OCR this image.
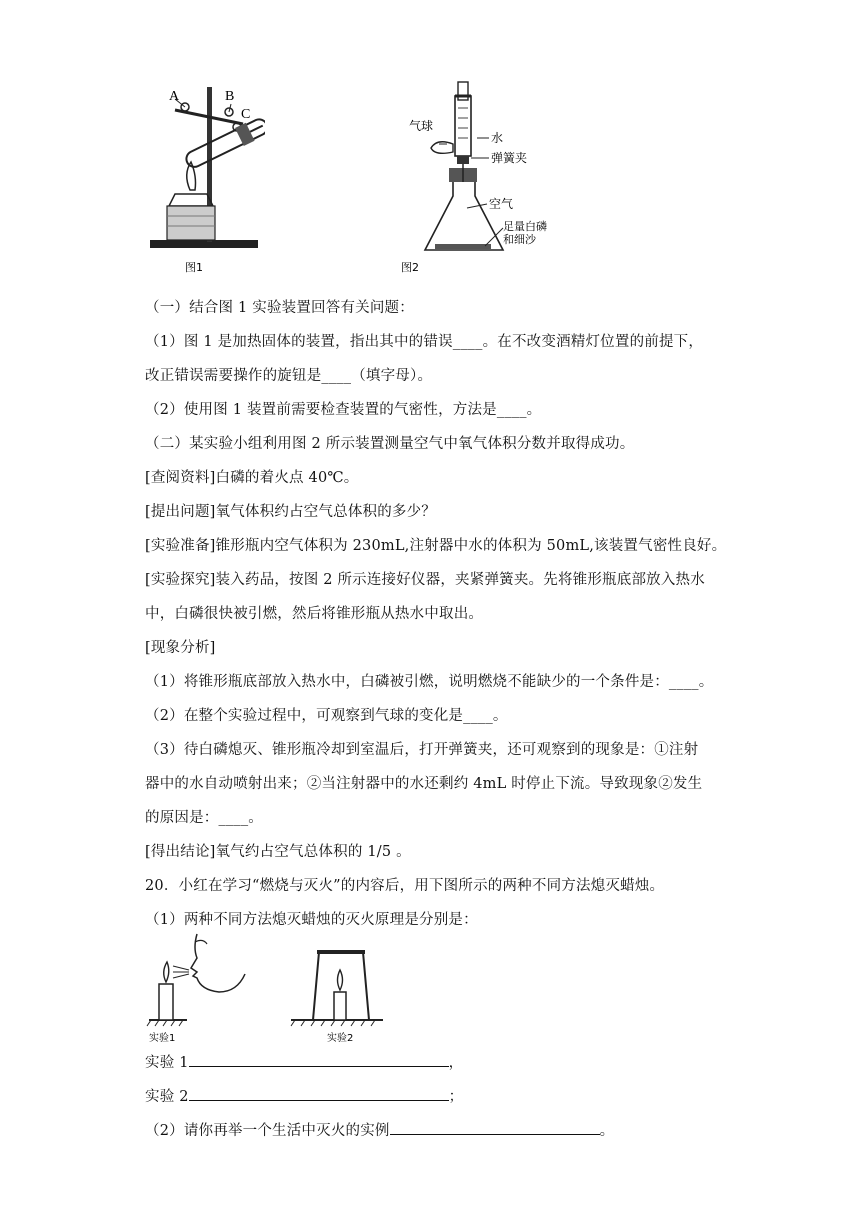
A	B
C
图1
气球
水
弹簧夹
空气
足量白磷
和细沙
图2
（一）结合图 1 实验装置回答有关问题：
（1）图 1 是加热固体的装置，指出其中的错误____。在不改变酒精灯位置的前提下，
改正错误需要操作的旋钮是____（填字母）。
（2）使用图 1 装置前需要检查装置的气密性，方法是____。
（二）某实验小组利用图 2 所示装置测量空气中氧气体积分数并取得成功。
[查阅资料]白磷的着火点 40℃。
[提出问题]氧气体积约占空气总体积的多少？
[实验准备]锥形瓶内空气体积为 230mL,注射器中水的体积为 50mL,该装置气密性良好。
[实验探究]装入药品，按图 2 所示连接好仪器，夹紧弹簧夹。先将锥形瓶底部放入热水
中，白磷很快被引燃，然后将锥形瓶从热水中取出。
[现象分析]
（1）将锥形瓶底部放入热水中，白磷被引燃，说明燃烧不能缺少的一个条件是：____。
（2）在整个实验过程中，可观察到气球的变化是____。
（3）待白磷熄灭、锥形瓶冷却到室温后，打开弹簧夹，还可观察到的现象是：①注射
器中的水自动喷射出来；②当注射器中的水还剩约 4mL 时停止下流。导致现象②发生
的原因是：____。
[得出结论]氧气约占空气总体积的 1/5 。
20．小红在学习“燃烧与灭火”的内容后，用下图所示的两种不同方法熄灭蜡烛。
（1）两种不同方法熄灭蜡烛的灭火原理是分别是：
实验1	实验2
实验 1	，
实验 2	；
（2）请你再举一个生活中灭火的实例	。
